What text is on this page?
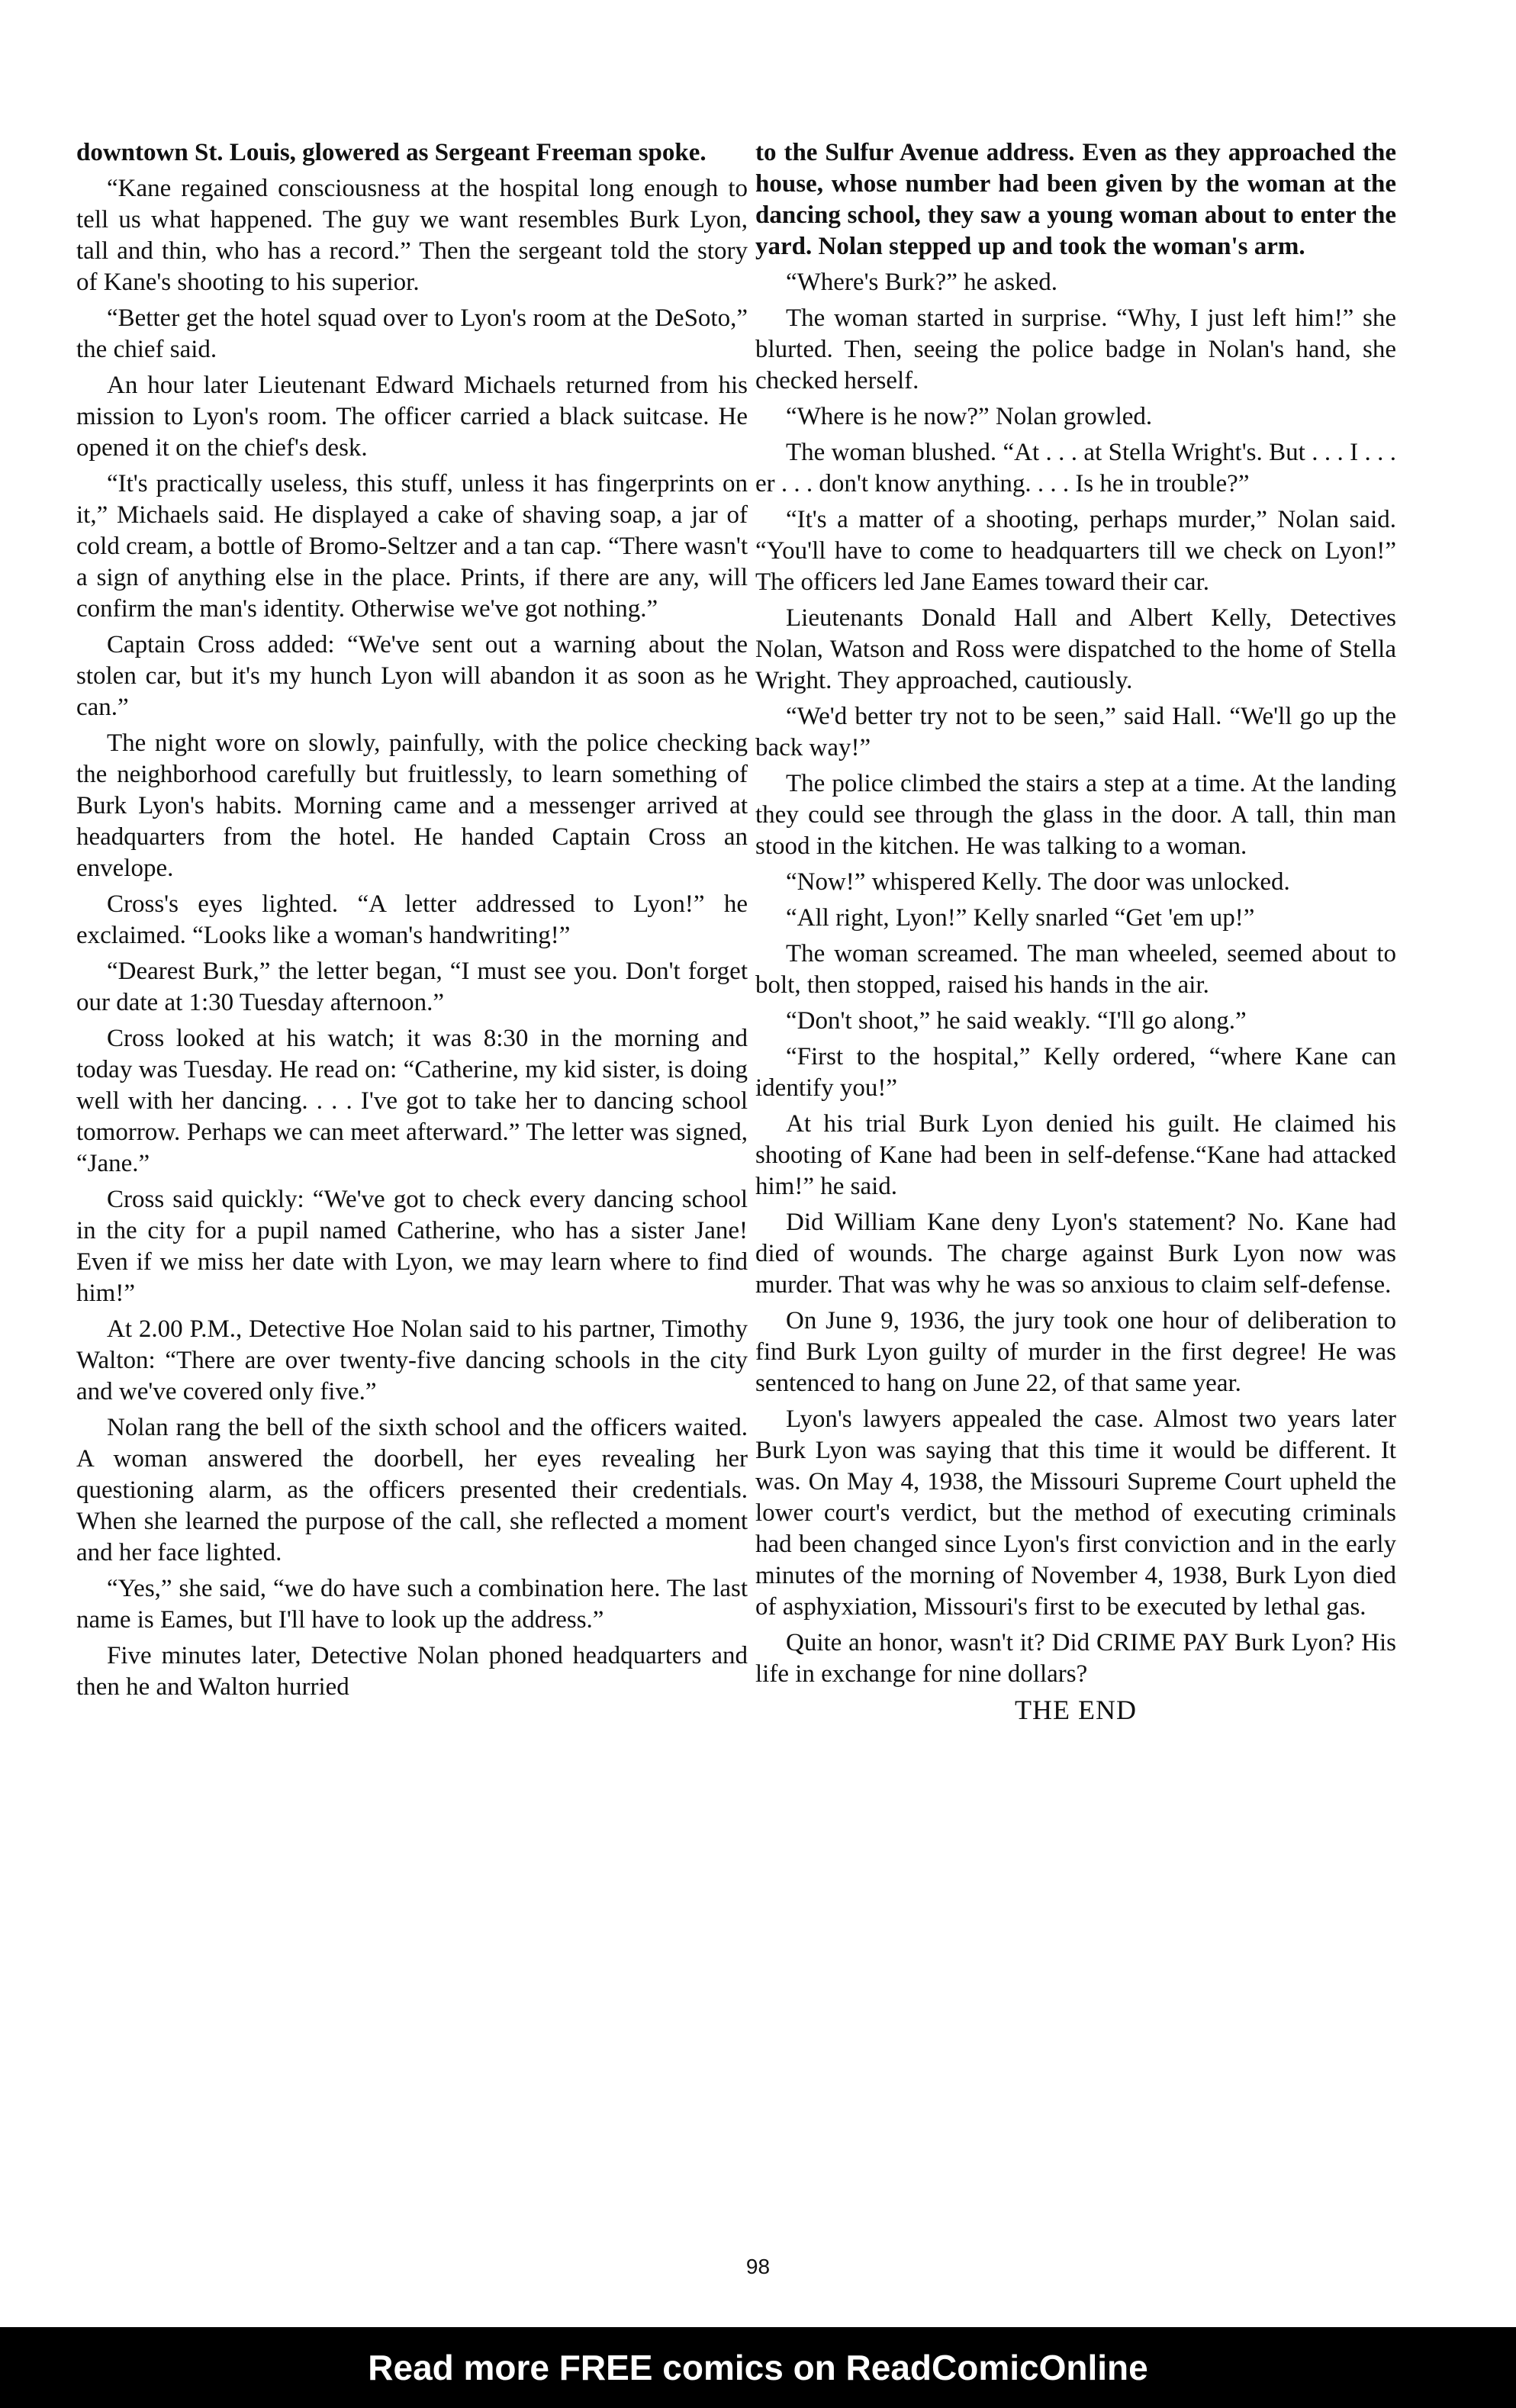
downtown St. Louis, glowered as Sergeant Freeman spoke.

“Kane regained consciousness at the hospital long enough to tell us what happened. The guy we want resembles Burk Lyon, tall and thin, who has a record.” Then the sergeant told the story of Kane's shooting to his superior.

“Better get the hotel squad over to Lyon's room at the DeSoto,” the chief said.

An hour later Lieutenant Edward Michaels returned from his mission to Lyon's room. The officer carried a black suitcase. He opened it on the chief's desk.

“It's practically useless, this stuff, unless it has fingerprints on it,” Michaels said. He displayed a cake of shaving soap, a jar of cold cream, a bottle of Bromo-Seltzer and a tan cap. “There wasn't a sign of anything else in the place. Prints, if there are any, will confirm the man's identity. Otherwise we've got nothing.”

Captain Cross added: “We've sent out a warning about the stolen car, but it's my hunch Lyon will abandon it as soon as he can.”

The night wore on slowly, painfully, with the police checking the neighborhood carefully but fruitlessly, to learn something of Burk Lyon's habits. Morning came and a messenger arrived at headquarters from the hotel. He handed Captain Cross an envelope.

Cross's eyes lighted. “A letter addressed to Lyon!” he exclaimed. “Looks like a woman's handwriting!”

“Dearest Burk,” the letter began, “I must see you. Don't forget our date at 1:30 Tuesday afternoon.”

Cross looked at his watch; it was 8:30 in the morning and today was Tuesday. He read on: “Catherine, my kid sister, is doing well with her dancing. . . . I've got to take her to dancing school tomorrow. Perhaps we can meet afterward.” The letter was signed, “Jane.”

Cross said quickly: “We've got to check every dancing school in the city for a pupil named Catherine, who has a sister Jane! Even if we miss her date with Lyon, we may learn where to find him!”

At 2.00 P.M., Detective Hoe Nolan said to his partner, Timothy Walton: “There are over twenty-five dancing schools in the city and we've covered only five.”

Nolan rang the bell of the sixth school and the officers waited. A woman answered the doorbell, her eyes revealing her questioning alarm, as the officers presented their credentials. When she learned the purpose of the call, she reflected a moment and her face lighted.

“Yes,” she said, “we do have such a combination here. The last name is Eames, but I'll have to look up the address.”

Five minutes later, Detective Nolan phoned headquarters and then he and Walton hurried

to the Sulfur Avenue address. Even as they approached the house, whose number had been given by the woman at the dancing school, they saw a young woman about to enter the yard. Nolan stepped up and took the woman's arm.

“Where's Burk?” he asked.

The woman started in surprise. “Why, I just left him!” she blurted. Then, seeing the police badge in Nolan's hand, she checked herself.

“Where is he now?” Nolan growled.

The woman blushed. “At . . . at Stella Wright's. But . . . I . . . er . . . don't know anything. . . . Is he in trouble?”

“It's a matter of a shooting, perhaps murder,” Nolan said. “You'll have to come to headquarters till we check on Lyon!” The officers led Jane Eames toward their car.

Lieutenants Donald Hall and Albert Kelly, Detectives Nolan, Watson and Ross were dispatched to the home of Stella Wright. They approached, cautiously.

“We'd better try not to be seen,” said Hall. “We'll go up the back way!”

The police climbed the stairs a step at a time. At the landing they could see through the glass in the door. A tall, thin man stood in the kitchen. He was talking to a woman.

“Now!” whispered Kelly. The door was unlocked.

“All right, Lyon!” Kelly snarled “Get 'em up!”

The woman screamed. The man wheeled, seemed about to bolt, then stopped, raised his hands in the air.

“Don't shoot,” he said weakly. “I'll go along.”

“First to the hospital,” Kelly ordered, “where Kane can identify you!”

At his trial Burk Lyon denied his guilt. He claimed his shooting of Kane had been in self-defense.“Kane had attacked him!” he said.

Did William Kane deny Lyon's statement? No. Kane had died of wounds. The charge against Burk Lyon now was murder. That was why he was so anxious to claim self-defense.

On June 9, 1936, the jury took one hour of deliberation to find Burk Lyon guilty of murder in the first degree! He was sentenced to hang on June 22, of that same year.

Lyon's lawyers appealed the case. Almost two years later Burk Lyon was saying that this time it would be different. It was. On May 4, 1938, the Missouri Supreme Court upheld the lower court's verdict, but the method of executing criminals had been changed since Lyon's first conviction and in the early minutes of the morning of November 4, 1938, Burk Lyon died of asphyxiation, Missouri's first to be executed by lethal gas.

Quite an honor, wasn't it? Did CRIME PAY Burk Lyon? His life in exchange for nine dollars?

THE END

98
Read more FREE comics on ReadComicOnline
